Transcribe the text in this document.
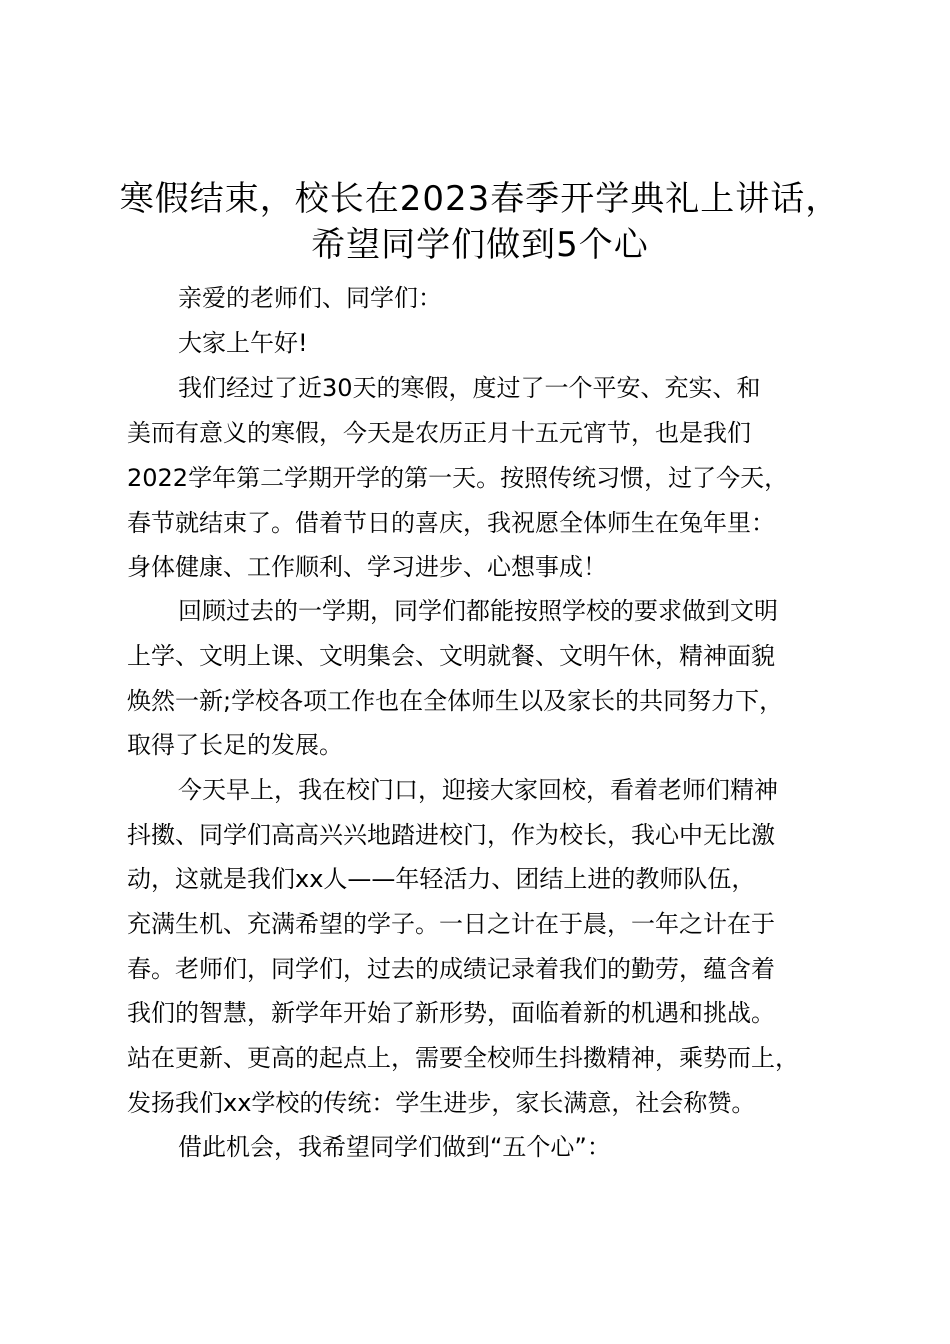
寒假结束，校长在2023春季开学典礼上讲话，
希望同学们做到5个心

亲爱的老师们、同学们：

大家上午好!

我们经过了近30天的寒假，度过了一个平安、充实、和

美而有意义的寒假，今天是农历正月十五元宵节，也是我们

2022学年第二学期开学的第一天。按照传统习惯，过了今天，

春节就结束了。借着节日的喜庆，我祝愿全体师生在兔年里：

身体健康、工作顺利、学习进步、心想事成！

回顾过去的一学期，同学们都能按照学校的要求做到文明

上学、文明上课、文明集会、文明就餐、文明午休，精神面貌

焕然一新;学校各项工作也在全体师生以及家长的共同努力下，

取得了长足的发展。

今天早上，我在校门口，迎接大家回校，看着老师们精神

抖擞、同学们高高兴兴地踏进校门，作为校长，我心中无比激

动，这就是我们xx人——年轻活力、团结上进的教师队伍，

充满生机、充满希望的学子。一日之计在于晨，一年之计在于

春。老师们，同学们，过去的成绩记录着我们的勤劳，蕴含着

我们的智慧，新学年开始了新形势，面临着新的机遇和挑战。

站在更新、更高的起点上，需要全校师生抖擞精神，乘势而上，

发扬我们xx学校的传统：学生进步，家长满意，社会称赞。

借此机会，我希望同学们做到“五个心”：
